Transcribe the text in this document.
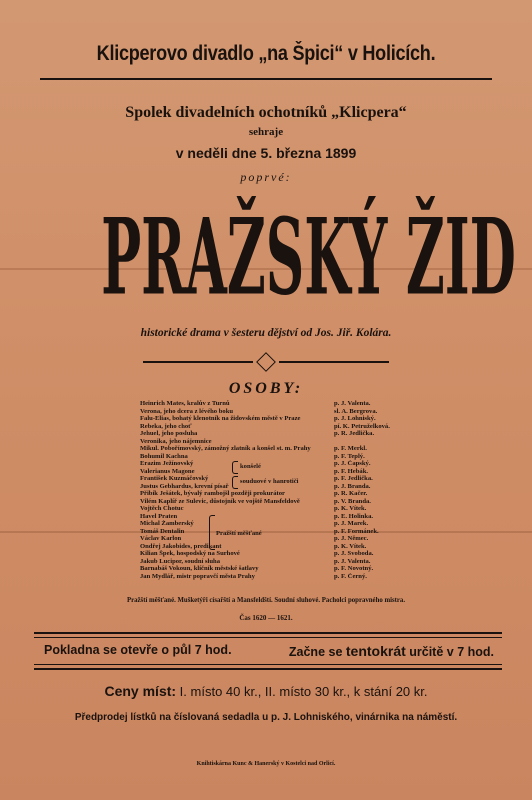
Klicperovo divadlo „na Špici“ v Holicích.
Spolek divadelních ochotníků „Klicpera“
sehraje
v neděli dne 5. března 1899
poprvé:
PRAŽSKÝ ŽID
historické drama v šesteru dějství od Jos. Jiř. Kolára.
OSOBY:
Heinrich Mates, kralův z Turnů	p. J. Valenta.
Verona, jeho dcera z lévého boku	sl. A. Bergrova.
Falu-Elias, bohatý klenotník na židovském městě v Praze	p. J. Lohniský.
Rebeka, jeho choť	pí. K. Petruželková.
Jehuel, jeho posluha	p. R. Jedlička.
Veronika, jeho nájemnice
Mikul. Pobořímovský, zámožný zlatník a konšel st. m. Prahy	p. F. Merkl.
Bohumil Kachna	p. F. Teplý.
Erazim Ježínovský	p. J. Čapský.
Valerianus Magone	p. F. Hebák.
František Kuzmáčovský	p. F. Jedlička.
Justus Gebhardus, krevní písař	p. J. Branda.
Přibík Ješátek, bývalý rambojšl později prokurátor	p. R. Kačer.
Vilém Kaplíř ze Sulevic, důstojník ve vojště Mansfeldově	p. V. Branda.
Vojtěch Chotuc	p. K. Vítek.
Havel Praten	p. E. Holinka.
Michal Žamberský	p. J. Marek.
Tomáš Dentalin	p. F. Formánek.
Václav Karlon	p. J. Němec.
Ondřej Jakobides, predikant	p. K. Vítek.
Kilian Špek, hospodský na Surhové	p. J. Svoboda.
Jakub Lucipor, soudní sluha	p. J. Valenta.
Barnabáš Vokoun, klíčník městské šatlavy	p. F. Novotný.
Jan Mydlář, mistr popravčí města Prahy	p. F. Černý.
konšelé
souduové v hanrotiči
Pražští měšťané
Pražští měšťané. Mušketýři císařští a Mansfeldští. Soudní sluhové. Pacholci popravného mistra.
Čas 1620 — 1621.
Pokladna se otevře o půl 7 hod.	Začne se tentokrát určitě v 7 hod.
Ceny míst: I. místo 40 kr., II. místo 30 kr., k stání 20 kr.
Předprodej lístků na číslovaná sedadla u p. J. Lohniského, vinárnika na náměstí.
Knihtiskárna Kunc & Hanerský v Kostelci nad Orlicí.
